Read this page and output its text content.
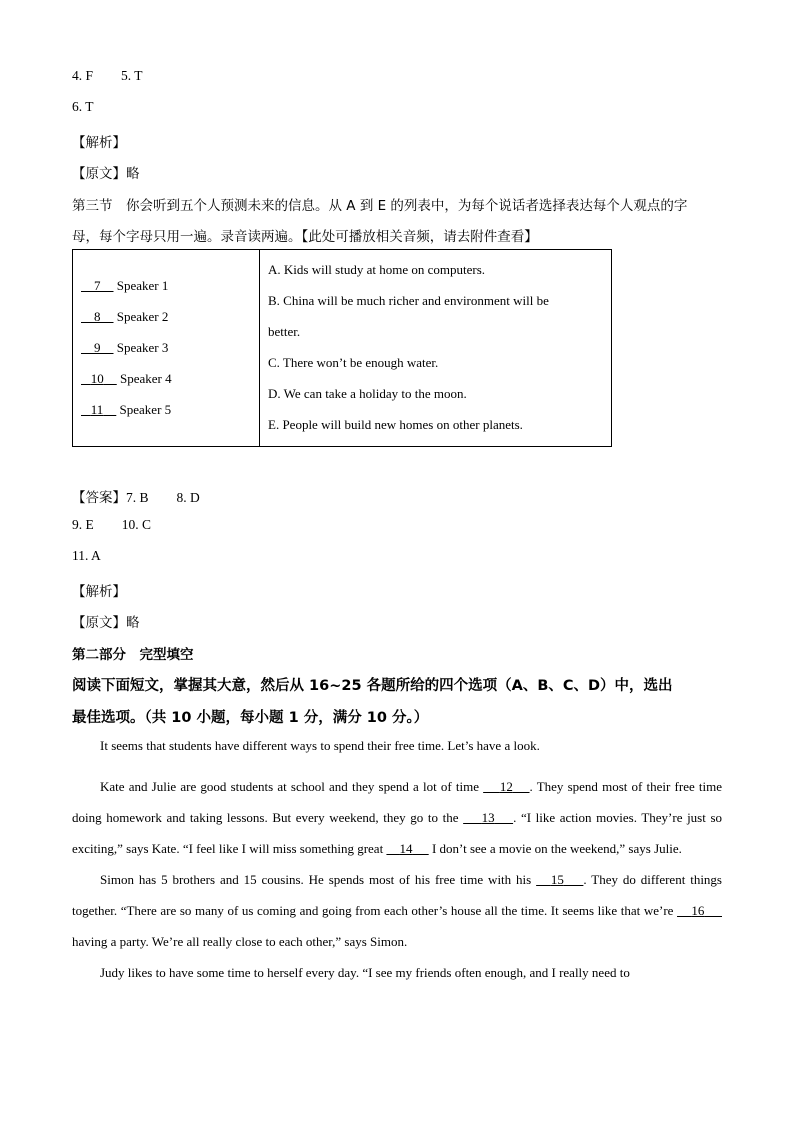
4. F 5. T
6. T
【解析】
【原文】略
第三节　你会听到五个人预测未来的信息。从 A 到 E 的列表中，为每个说话者选择表达每个人观点的字
母，每个字母只用一遍。录音读两遍。【此处可播放相关音频，请去附件查看】
7 Speaker 1
8 Speaker 2
9 Speaker 3
10 Speaker 4
11 Speaker 5

A. Kids will study at home on computers.
B. China will be much richer and environment will be
better.
C. There won’t be enough water.
D. We can take a holiday to the moon.
E. People will build new homes on other planets.
【答案】7. B 8. D
9. E 10. C
11. A
【解析】
【原文】略
第二部分　完型填空
阅读下面短文，掌握其大意，然后从 16~25 各题所给的四个选项（A、B、C、D）中，选出
最佳选项。（共 10 小题，每小题 1 分，满分 10 分。）

It seems that students have different ways to spend their free time. Let’s have a look.

Kate and Julie are good students at school and they spend a lot of time     12 . They spend most of their free time doing homework and taking lessons. But every weekend, they go to the     13 . “I like action movies. They’re just so exciting,” says Kate. “I feel like I will miss something great     14      I don’t see a movie on the weekend,” says Julie.

Simon has 5 brothers and 15 cousins. He spends most of his free time with his    15 . They do different things together. “There are so many of us coming and going from each other’s house all the time. It seems like that we’re     16      having a party. We’re all really close to each other,” says Simon.

Judy likes to have some time to herself every day. “I see my friends often enough, and I really need to
